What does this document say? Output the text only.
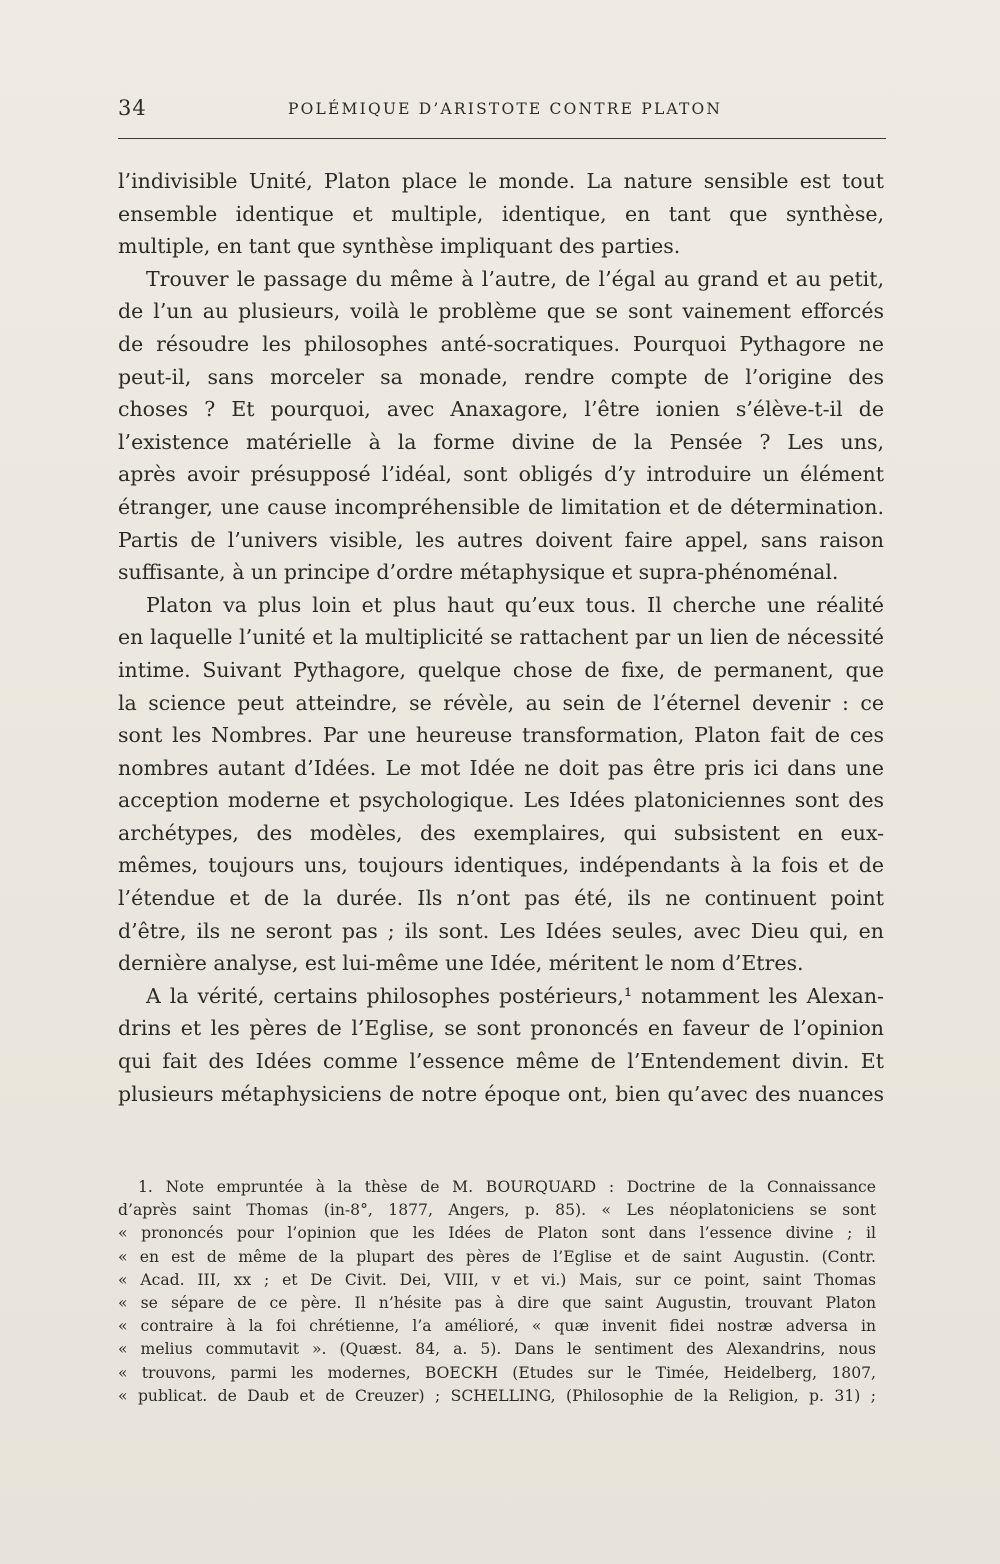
34	POLÉMIQUE D’ARISTOTE CONTRE PLATON
l’indivisible Unité, Platon place le monde. La nature sensible est tout
ensemble identique et multiple, identique, en tant que synthèse,
multiple, en tant que synthèse impliquant des parties.
Trouver le passage du même à l’autre, de l’égal au grand et au petit,
de l’un au plusieurs, voilà le problème que se sont vainement efforcés
de résoudre les philosophes anté-socratiques. Pourquoi Pythagore ne
peut-il, sans morceler sa monade, rendre compte de l’origine des
choses ? Et pourquoi, avec Anaxagore, l’être ionien s’élève-t-il de
l’existence matérielle à la forme divine de la Pensée ? Les uns,
après avoir présupposé l’idéal, sont obligés d’y introduire un élément
étranger, une cause incompréhensible de limitation et de détermination.
Partis de l’univers visible, les autres doivent faire appel, sans raison
suffisante, à un principe d’ordre métaphysique et supra-phénoménal.
Platon va plus loin et plus haut qu’eux tous. Il cherche une réalité
en laquelle l’unité et la multiplicité se rattachent par un lien de nécessité
intime. Suivant Pythagore, quelque chose de fixe, de permanent, que
la science peut atteindre, se révèle, au sein de l’éternel devenir : ce
sont les Nombres. Par une heureuse transformation, Platon fait de ces
nombres autant d’Idées. Le mot Idée ne doit pas être pris ici dans une
acception moderne et psychologique. Les Idées platoniciennes sont des
archétypes, des modèles, des exemplaires, qui subsistent en eux-
mêmes, toujours uns, toujours identiques, indépendants à la fois et de
l’étendue et de la durée. Ils n’ont pas été, ils ne continuent point
d’être, ils ne seront pas ; ils sont. Les Idées seules, avec Dieu qui, en
dernière analyse, est lui-même une Idée, méritent le nom d’Etres.
A la vérité, certains philosophes postérieurs,¹ notamment les Alexan-
drins et les pères de l’Eglise, se sont prononcés en faveur de l’opinion
qui fait des Idées comme l’essence même de l’Entendement divin. Et
plusieurs métaphysiciens de notre époque ont, bien qu’avec des nuances
1. Note empruntée à la thèse de M. BOURQUARD : Doctrine de la Connaissance
d’après saint Thomas (in-8°, 1877, Angers, p. 85). « Les néoplatoniciens se sont
« prononcés pour l’opinion que les Idées de Platon sont dans l’essence divine ; il
« en est de même de la plupart des pères de l’Eglise et de saint Augustin. (Contr.
« Acad. III, xx ; et De Civit. Dei, VIII, v et vi.) Mais, sur ce point, saint Thomas
« se sépare de ce père. Il n’hésite pas à dire que saint Augustin, trouvant Platon
« contraire à la foi chrétienne, l’a amélioré, « quæ invenit fidei nostræ adversa in
« melius commutavit ». (Quæst. 84, a. 5). Dans le sentiment des Alexandrins, nous
« trouvons, parmi les modernes, BOECKH (Etudes sur le Timée, Heidelberg, 1807,
« publicat. de Daub et de Creuzer) ; SCHELLING, (Philosophie de la Religion, p. 31) ;
